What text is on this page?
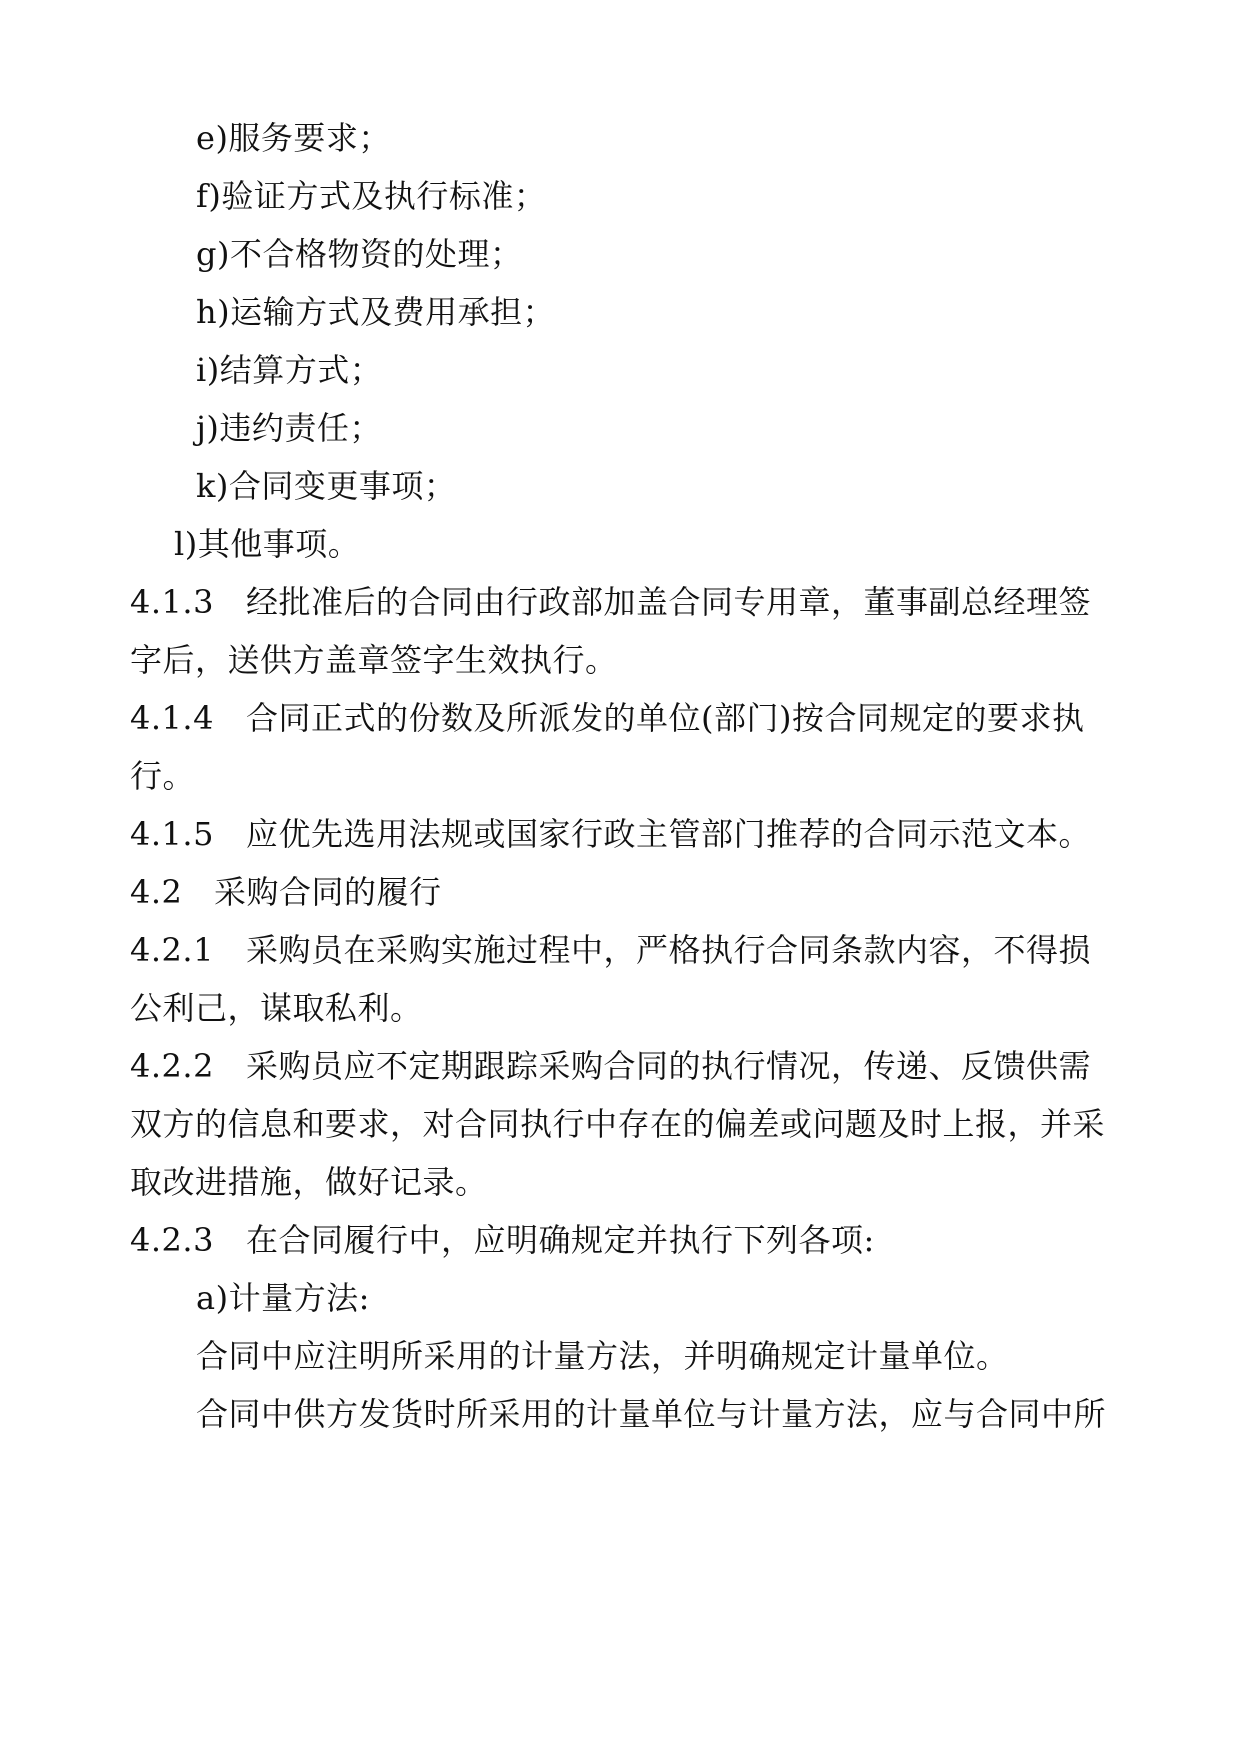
e)服务要求；
f)验证方式及执行标准；
g)不合格物资的处理；
h)运输方式及费用承担；
i)结算方式；
j)违约责任；
k)合同变更事项；
l)其他事项。
4.1.3 经批准后的合同由行政部加盖合同专用章，董事副总经理签
字后，送供方盖章签字生效执行。
4.1.4 合同正式的份数及所派发的单位(部门)按合同规定的要求执
行。
4.1.5 应优先选用法规或国家行政主管部门推荐的合同示范文本。
4.2 采购合同的履行
4.2.1 采购员在采购实施过程中，严格执行合同条款内容，不得损
公利己，谋取私利。
4.2.2 采购员应不定期跟踪采购合同的执行情况，传递、反馈供需
双方的信息和要求，对合同执行中存在的偏差或问题及时上报，并采
取改进措施，做好记录。
4.2.3 在合同履行中，应明确规定并执行下列各项:
a)计量方法:
合同中应注明所采用的计量方法，并明确规定计量单位。
合同中供方发货时所采用的计量单位与计量方法，应与合同中所
